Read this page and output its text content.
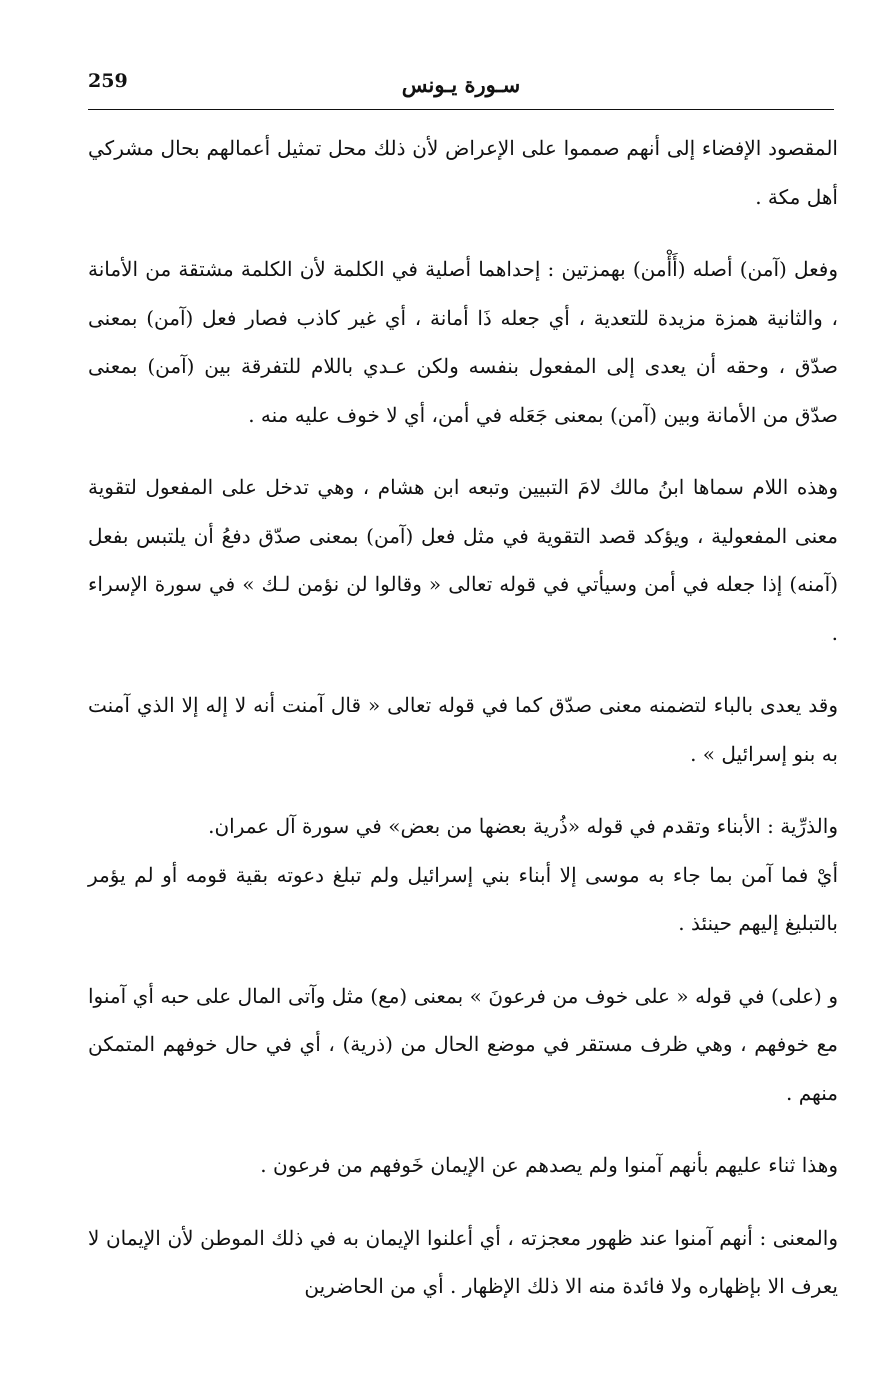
259	سـورة يـونس

المقصود الإفضاء إلى أنهم صمموا على الإعراض لأن ذلك محل تمثيل أعمالهم بحال مشركي أهل مكة .

وفعل (آمن) أصله (أَأْمن) بهمزتين : إحداهما أصلية في الكلمة لأن الكلمة مشتقة من الأمانة ، والثانية همزة مزيدة للتعدية ، أي جعله ذَا أمانة ، أي غير كاذب فصار فعل (آمن) بمعنى صدّق ، وحقه أن يعدى إلى المفعول بنفسه ولكن عـدي باللام للتفرقة بين (آمن) بمعنى صدّق من الأمانة وبين (آمن) بمعنى جَعَله في أمن، أي لا خوف عليه منه .

وهذه اللام سماها ابنُ مالك لامَ التبيين وتبعه ابن هشام ، وهي تدخل على المفعول لتقوية معنى المفعولية ، ويؤكد قصد التقوية في مثل فعل (آمن) بمعنى صدّق دفعُ أن يلتبس بفعل (آمنه) إذا جعله في أمن وسيأتي في قوله تعالى « وقالوا لن نؤمن لـك » في سورة الإسراء .

وقد يعدى بالباء لتضمنه معنى صدّق كما في قوله تعالى « قال آمنت أنه لا إله إلا الذي آمنت به بنو إسرائيل » .

والذرِّية : الأبناء وتقدم في قوله «ذُرية بعضها من بعض» في سورة آل عمران.

أيْ فما آمن بما جاء به موسى إلا أبناء بني إسرائيل ولم تبلغ دعوته بقية قومه أو لم يؤمر بالتبليغ إليهم حينئذ .

و (على) في قوله « على خوف من فرعونَ » بمعنى (مع) مثل وآتى المال على حبه أي آمنوا مع خوفهم ، وهي ظرف مستقر في موضع الحال من (ذرية) ، أي في حال خوفهم المتمكن منهم .

وهذا ثناء عليهم بأنهم آمنوا ولم يصدهم عن الإيمان خَوفهم من فرعون .

والمعنى : أنهم آمنوا عند ظهور معجزته ، أي أعلنوا الإيمان به في ذلك الموطن لأن الإيمان لا يعرف الا بإظهاره ولا فائدة منه الا ذلك الإظهار . أي من الحاضرين
